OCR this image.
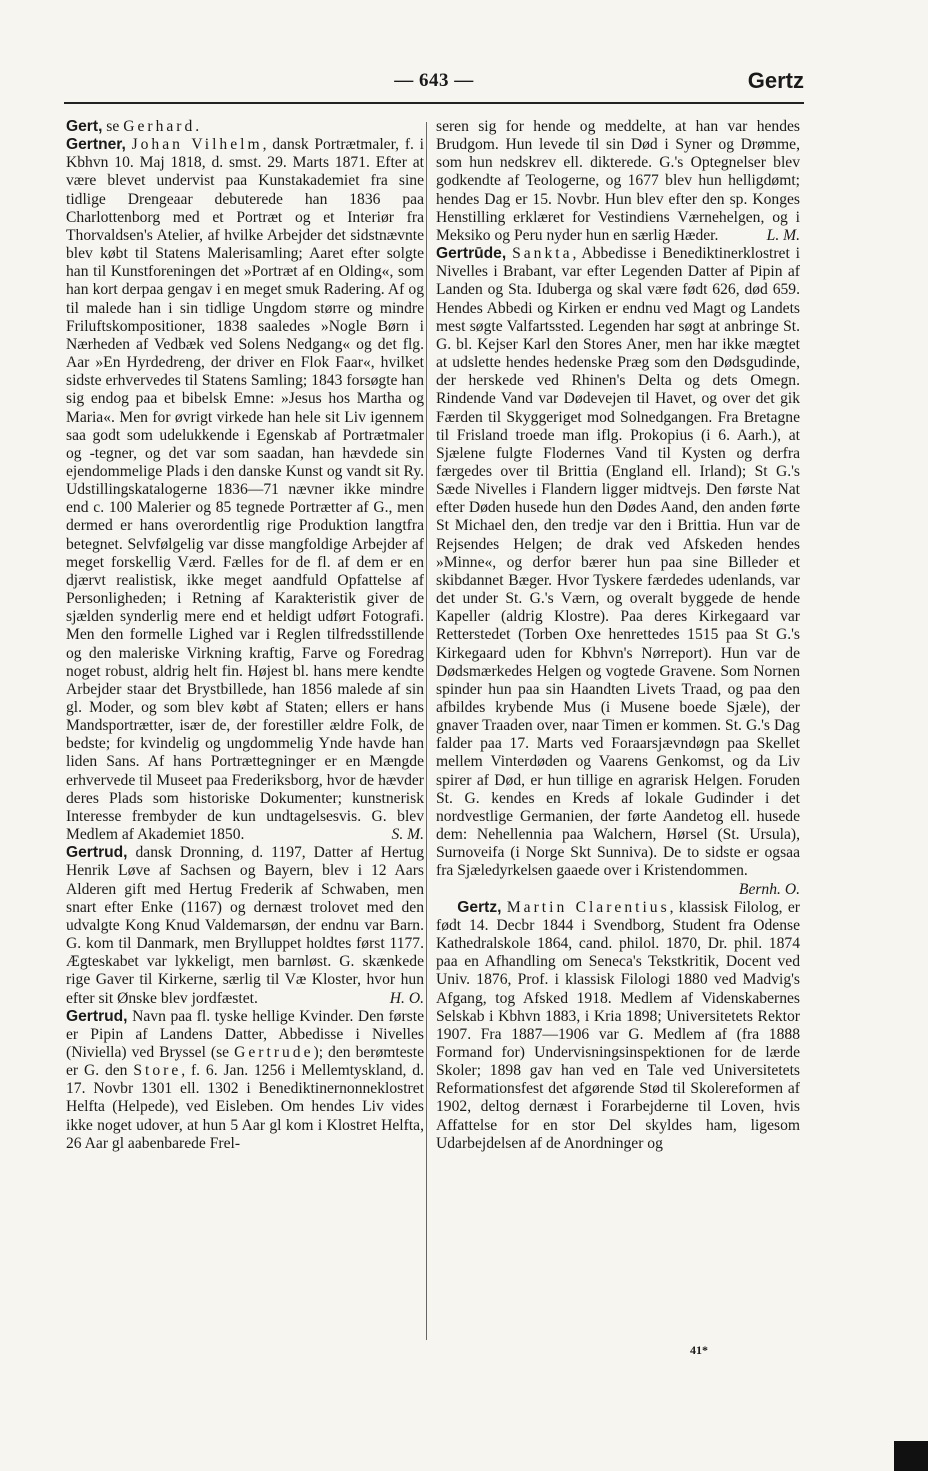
— 643 —	Gertz

Gert, se Gerhard.

Gertner, Johan Vilhelm, dansk Portrætmaler, f. i Kbhvn 10. Maj 1818, d. smst. 29. Marts 1871. Efter at være blevet undervist paa Kunstakademiet fra sine tidlige Drengeaar debuterede han 1836 paa Charlottenborg med et Portræt og et Interiør fra Thorvaldsen's Atelier, af hvilke Arbejder det sidstnævnte blev købt til Statens Malerisamling; Aaret efter solgte han til Kunstforeningen det »Portræt af en Olding«, som han kort derpaa gengav i en meget smuk Radering. Af og til malede han i sin tidlige Ungdom større og mindre Friluftskompositioner, 1838 saaledes »Nogle Børn i Nærheden af Vedbæk ved Solens Nedgang« og det flg. Aar »En Hyrdedreng, der driver en Flok Faar«, hvilket sidste erhvervedes til Statens Samling; 1843 forsøgte han sig endog paa et bibelsk Emne: »Jesus hos Martha og Maria«. Men for øvrigt virkede han hele sit Liv igennem saa godt som udelukkende i Egenskab af Portrætmaler og -tegner, og det var som saadan, han hævdede sin ejendommelige Plads i den danske Kunst og vandt sit Ry. Udstillingskatalogerne 1836—71 nævner ikke mindre end c. 100 Malerier og 85 tegnede Portrætter af G., men dermed er hans overordentlig rige Produktion langtfra betegnet. Selvfølgelig var disse mangfoldige Arbejder af meget forskellig Værd. Fælles for de fl. af dem er en djærvt realistisk, ikke meget aandfuld Opfattelse af Personligheden; i Retning af Karakteristik giver de sjælden synderlig mere end et heldigt udført Fotografi. Men den formelle Lighed var i Reglen tilfredsstillende og den maleriske Virkning kraftig, Farve og Foredrag noget robust, aldrig helt fin. Højest bl. hans mere kendte Arbejder staar det Brystbillede, han 1856 malede af sin gl. Moder, og som blev købt af Staten; ellers er hans Mandsportrætter, især de, der forestiller ældre Folk, de bedste; for kvindelig og ungdommelig Ynde havde han liden Sans. Af hans Portrættegninger er en Mængde erhvervede til Museet paa Frederiksborg, hvor de hævder deres Plads som historiske Dokumenter; kunstnerisk Interesse frembyder de kun undtagelsesvis. G. blev Medlem af Akademiet 1850.	S. M.

Gertrud, dansk Dronning, d. 1197, Datter af Hertug Henrik Løve af Sachsen og Bayern, blev i 12 Aars Alderen gift med Hertug Frederik af Schwaben, men snart efter Enke (1167) og dernæst trolovet med den udvalgte Kong Knud Valdemarsøn, der endnu var Barn. G. kom til Danmark, men Brylluppet holdtes først 1177. Ægteskabet var lykkeligt, men barnløst. G. skænkede rige Gaver til Kirkerne, særlig til Væ Kloster, hvor hun efter sit Ønske blev jordfæstet.	H. O.

Gertrud, Navn paa fl. tyske hellige Kvinder. Den første er Pipin af Landens Datter, Abbedisse i Nivelles (Niviella) ved Bryssel (se Gertrude); den berømteste er G. den Store, f. 6. Jan. 1256 i Mellemtyskland, d. 17. Novbr 1301 ell. 1302 i Benediktinernonneklostret Helfta (Helpede), ved Eisleben. Om hendes Liv vides ikke noget udover, at hun 5 Aar gl kom i Klostret Helfta, 26 Aar gl aabenbarede Frel-

seren sig for hende og meddelte, at han var hendes Brudgom. Hun levede til sin Død i Syner og Drømme, som hun nedskrev ell. dikterede. G.'s Optegnelser blev godkendte af Teologerne, og 1677 blev hun helligdømt; hendes Dag er 15. Novbr. Hun blev efter den sp. Konges Henstilling erklæret for Vestindiens Værnehelgen, og i Meksiko og Peru nyder hun en særlig Hæder.	L. M.

Gertrūde, Sankta, Abbedisse i Benediktinerklostret i Nivelles i Brabant, var efter Legenden Datter af Pipin af Landen og Sta. Iduberga og skal være født 626, død 659. Hendes Abbedi og Kirken er endnu ved Magt og Landets mest søgte Valfartssted. Legenden har søgt at anbringe St. G. bl. Kejser Karl den Stores Aner, men har ikke mægtet at udslette hendes hedenske Præg som den Dødsgudinde, der herskede ved Rhinen's Delta og dets Omegn. Rindende Vand var Dødevejen til Havet, og over det gik Færden til Skyggeriget mod Solnedgangen. Fra Bretagne til Frisland troede man iflg. Prokopius (i 6. Aarh.), at Sjælene fulgte Flodernes Vand til Kysten og derfra færgedes over til Brittia (England ell. Irland); St G.'s Sæde Nivelles i Flandern ligger midtvejs. Den første Nat efter Døden husede hun den Dødes Aand, den anden førte St Michael den, den tredje var den i Brittia. Hun var de Rejsendes Helgen; de drak ved Afskeden hendes »Minne«, og derfor bærer hun paa sine Billeder et skibdannet Bæger. Hvor Tyskere færdedes udenlands, var det under St. G.'s Værn, og overalt byggede de hende Kapeller (aldrig Klostre). Paa deres Kirkegaard var Retterstedet (Torben Oxe henrettedes 1515 paa St G.'s Kirkegaard uden for Kbhvn's Nørreport). Hun var de Dødsmærkedes Helgen og vogtede Gravene. Som Nornen spinder hun paa sin Haandten Livets Traad, og paa den afbildes krybende Mus (i Musene boede Sjæle), der gnaver Traaden over, naar Timen er kommen. St. G.'s Dag falder paa 17. Marts ved Foraarsjævndøgn paa Skellet mellem Vinterdøden og Vaarens Genkomst, og da Liv spirer af Død, er hun tillige en agrarisk Helgen. Foruden St. G. kendes en Kreds af lokale Gudinder i det nordvestlige Germanien, der førte Aandetog ell. husede dem: Nehellennia paa Walchern, Hørsel (St. Ursula), Surnoveifa (i Norge Skt Sunniva). De to sidste er ogsaa fra Sjæledyrkelsen gaaede over i Kristendommen.
Bernh. O.

Gertz, Martin Clarentius, klassisk Filolog, er født 14. Decbr 1844 i Svendborg, Student fra Odense Kathedralskole 1864, cand. philol. 1870, Dr. phil. 1874 paa en Afhandling om Seneca's Tekstkritik, Docent ved Univ. 1876, Prof. i klassisk Filologi 1880 ved Madvig's Afgang, tog Afsked 1918. Medlem af Videnskabernes Selskab i Kbhvn 1883, i Kria 1898; Universitetets Rektor 1907. Fra 1887—1906 var G. Medlem af (fra 1888 Formand for) Undervisningsinspektionen for de lærde Skoler; 1898 gav han ved en Tale ved Universitetets Reformationsfest det afgørende Stød til Skolereformen af 1902, deltog dernæst i Forarbejderne til Loven, hvis Affattelse for en stor Del skyldes ham, ligesom Udarbejdelsen af de Anordninger og

41*
